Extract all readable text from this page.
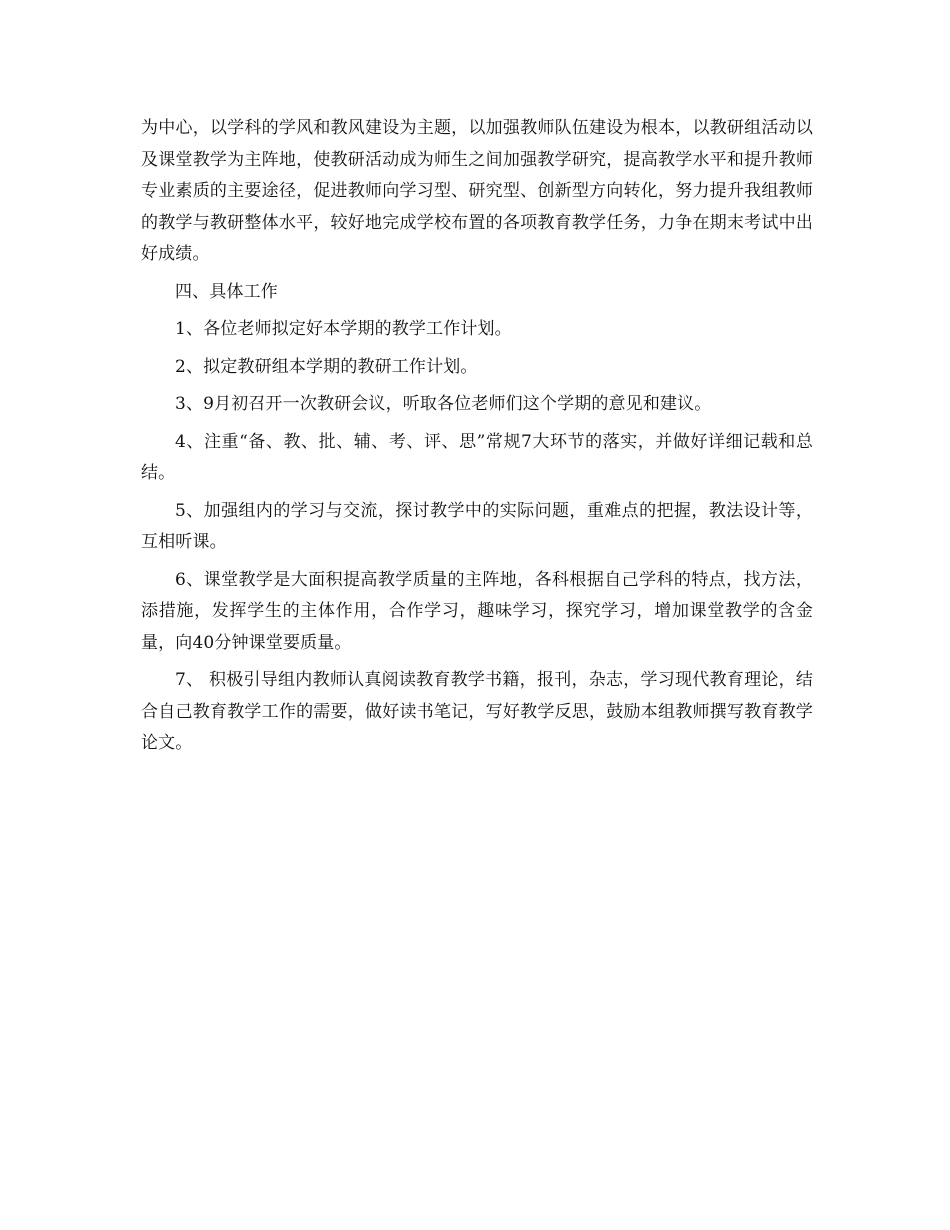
为中心，以学科的学风和教风建设为主题，以加强教师队伍建设为根本，以教研组活动以及课堂教学为主阵地，使教研活动成为师生之间加强教学研究，提高教学水平和提升教师专业素质的主要途径，促进教师向学习型、研究型、创新型方向转化，努力提升我组教师的教学与教研整体水平，较好地完成学校布置的各项教育教学任务，力争在期末考试中出好成绩。

四、具体工作

1、各位老师拟定好本学期的教学工作计划。

2、拟定教研组本学期的教研工作计划。

3、9月初召开一次教研会议，听取各位老师们这个学期的意见和建议。

4、注重“备、教、批、辅、考、评、思”常规7大环节的落实，并做好详细记载和总结。

5、加强组内的学习与交流，探讨教学中的实际问题，重难点的把握，教法设计等，互相听课。

6、课堂教学是大面积提高教学质量的主阵地，各科根据自己学科的特点，找方法，添措施，发挥学生的主体作用，合作学习，趣味学习，探究学习，增加课堂教学的含金量，向40分钟课堂要质量。

7、 积极引导组内教师认真阅读教育教学书籍，报刊，杂志，学习现代教育理论，结合自己教育教学工作的需要，做好读书笔记，写好教学反思，鼓励本组教师撰写教育教学论文。
